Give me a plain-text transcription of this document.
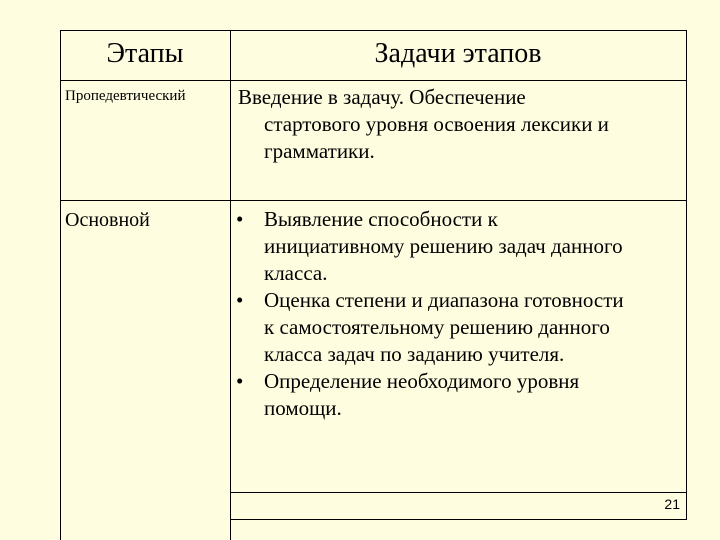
Этапы	Задачи этапов
Пропедевтический	Введение в задачу. Обеспечение
стартового уровня освоения лексики и
грамматики.
Основной	• Выявление способности к
инициативному решению задач данного
класса.
• Оценка степени и диапазона готовности
к самостоятельному решению данного
класса задач по заданию учителя.
• Определение необходимого уровня
помощи.
21
